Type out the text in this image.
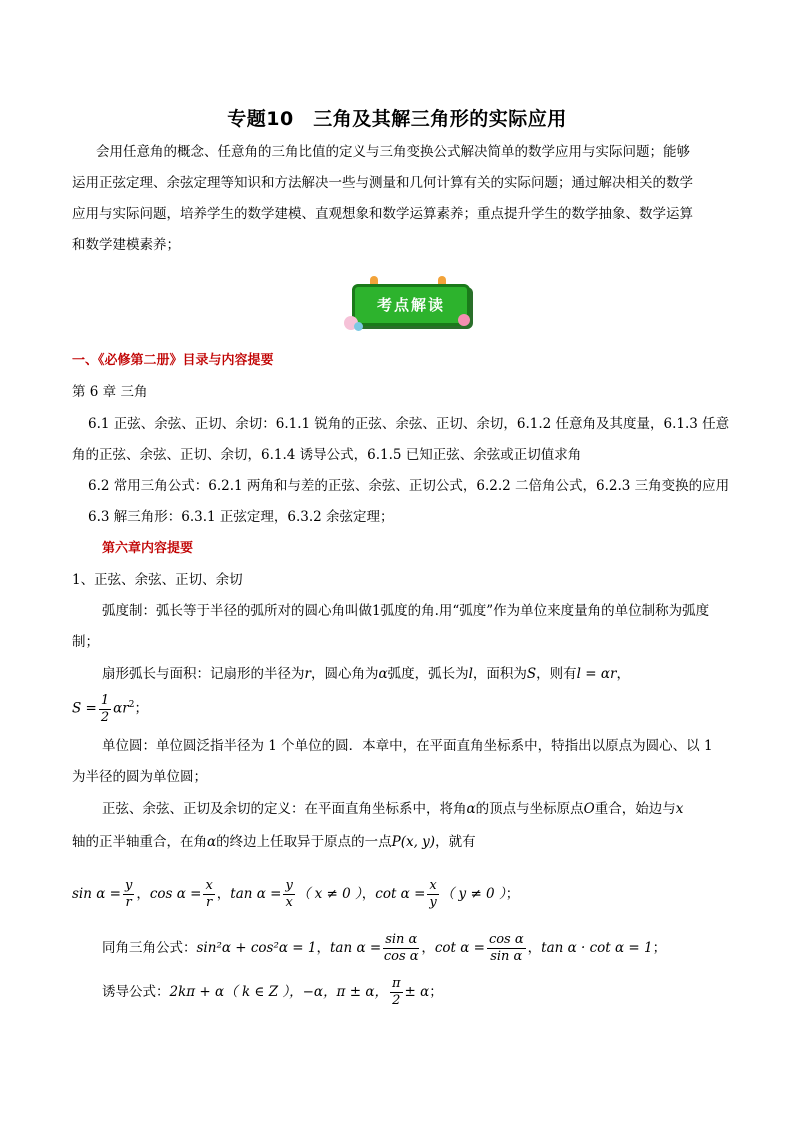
专题10　三角及其解三角形的实际应用
会用任意角的概念、任意角的三角比值的定义与三角变换公式解决简单的数学应用与实际问题；能够
运用正弦定理、余弦定理等知识和方法解决一些与测量和几何计算有关的实际问题；通过解决相关的数学
应用与实际问题，培养学生的数学建模、直观想象和数学运算素养；重点提升学生的数学抽象、数学运算
和数学建模素养；
考点解读
一、《必修第二册》目录与内容提要
第 6 章 三角
6.1 正弦、余弦、正切、余切：6.1.1 锐角的正弦、余弦、正切、余切，6.1.2 任意角及其度量，6.1.3 任意
角的正弦、余弦、正切、余切，6.1.4 诱导公式，6.1.5 已知正弦、余弦或正切值求角
6.2 常用三角公式：6.2.1 两角和与差的正弦、余弦、正切公式，6.2.2 二倍角公式，6.2.3 三角变换的应用
6.3 解三角形：6.3.1 正弦定理，6.3.2 余弦定理；
第六章内容提要
1、正弦、余弦、正切、余切
弧度制：弧长等于半径的弧所对的圆心角叫做1弧度的角.用“弧度”作为单位来度量角的单位制称为弧度
制；
扇形弧长与面积：记扇形的半径为r，圆心角为α弧度，弧长为l，面积为S，则有l = αr，
$S = \frac{1}{2} \alpha r^2$；
单位圆：单位圆泛指半径为 1 个单位的圆．本章中，在平面直角坐标系中，特指出以原点为圆心、以 1
为半径的圆为单位圆；
正弦、余弦、正切及余切的定义：在平面直角坐标系中，将角α的顶点与坐标原点O重合，始边与x
轴的正半轴重合，在角α的终边上任取异于原点的一点P(x, y)，就有
$\sin \alpha = \frac{y}{r}$ ，$\cos \alpha = \frac{x}{r}$ ，$\tan \alpha = \frac{y}{x}$ （ x ≠ 0 ），$\cot \alpha = \frac{x}{y}$ （ y ≠ 0 ）；
同角三角公式：sin²α + cos²α = 1，$\tan \alpha = \frac{\text{sin α}}{\text{cos α}}$ ，$\cot \alpha = \frac{\text{cos α}}{\text{sin α}}$ ，tan α · cot α = 1；
诱导公式：2kπ + α（ k ∈ Z ），−α，π ± α， $\frac{\pi}{2} \pm \alpha$；
